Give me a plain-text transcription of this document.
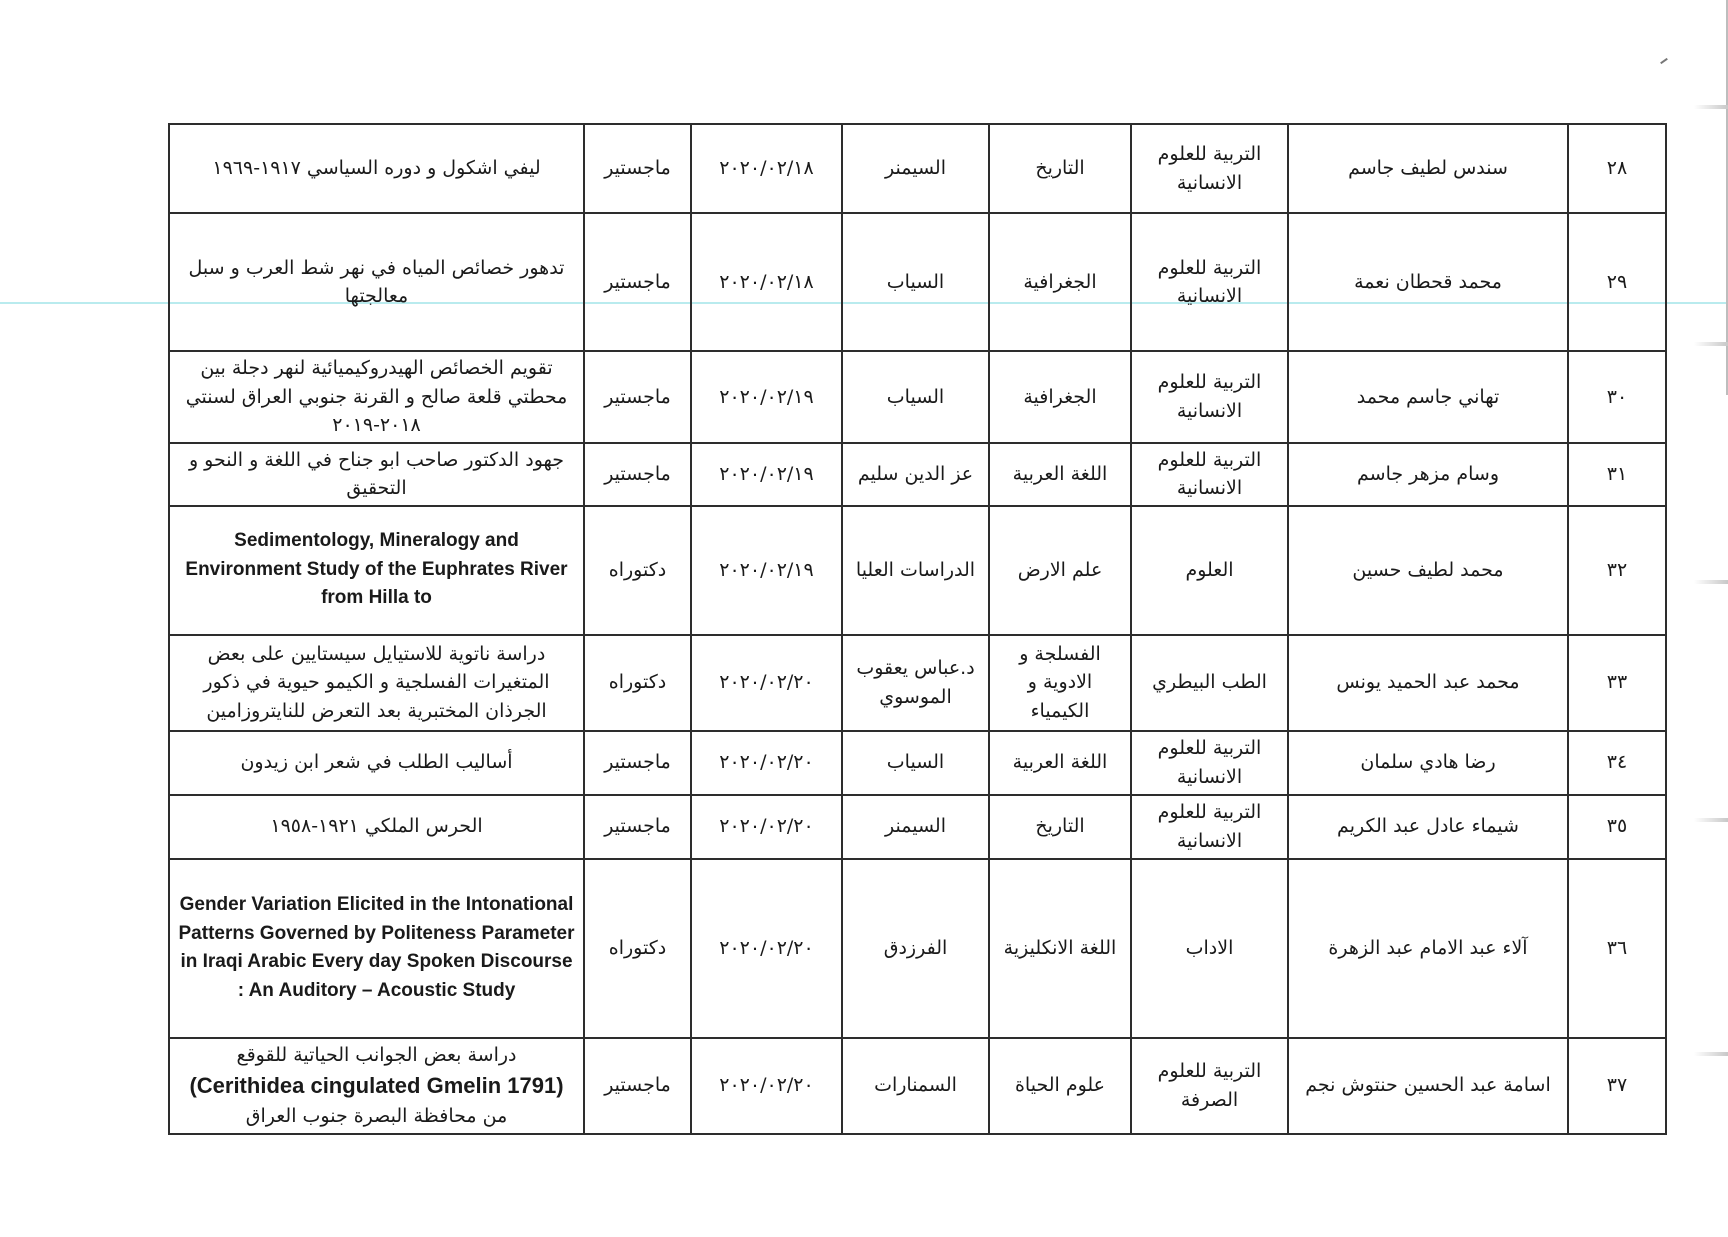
٢٨	سندس لطيف جاسم	التربية للعلوم الانسانية	التاريخ	السيمنر	٢٠٢٠/٠٢/١٨	ماجستير	ليفي اشكول و دوره السياسي ١٩١٧-١٩٦٩
٢٩	محمد قحطان نعمة	التربية للعلوم الانسانية	الجغرافية	السياب	٢٠٢٠/٠٢/١٨	ماجستير	تدهور خصائص المياه في نهر شط العرب و سبل معالجتها
٣٠	تهاني جاسم محمد	التربية للعلوم الانسانية	الجغرافية	السياب	٢٠٢٠/٠٢/١٩	ماجستير	تقويم الخصائص الهيدروكيميائية لنهر دجلة بين محطتي قلعة صالح و القرنة جنوبي العراق لسنتي ٢٠١٨-٢٠١٩
٣١	وسام مزهر جاسم	التربية للعلوم الانسانية	اللغة العربية	عز الدين سليم	٢٠٢٠/٠٢/١٩	ماجستير	جهود الدكتور صاحب ابو جناح في اللغة و النحو و التحقيق
٣٢	محمد لطيف حسين	العلوم	علم الارض	الدراسات العليا	٢٠٢٠/٠٢/١٩	دكتوراه	Sedimentology, Mineralogy and Environment Study of the Euphrates River from Hilla to
٣٣	محمد عبد الحميد يونس	الطب البيطري	الفسلجة و الادوية و الكيمياء	د.عباس يعقوب الموسوي	٢٠٢٠/٠٢/٢٠	دكتوراه	دراسة ناتوية للاستيايل سيستايين على بعض المتغيرات الفسلجية و الكيمو حيوية في ذكور الجرذان المختبرية بعد التعرض للنايتروزامين
٣٤	رضا هادي سلمان	التربية للعلوم الانسانية	اللغة العربية	السياب	٢٠٢٠/٠٢/٢٠	ماجستير	أساليب الطلب في شعر ابن زيدون
٣٥	شيماء عادل عبد الكريم	التربية للعلوم الانسانية	التاريخ	السيمنر	٢٠٢٠/٠٢/٢٠	ماجستير	الحرس الملكي ١٩٢١-١٩٥٨
٣٦	آلاء عبد الامام عبد الزهرة	الاداب	اللغة الانكليزية	الفرزدق	٢٠٢٠/٠٢/٢٠	دكتوراه	Gender Variation Elicited in the Intonational Patterns Governed by Politeness Parameter in Iraqi Arabic Every day Spoken Discourse : An Auditory – Acoustic Study
٣٧	اسامة عبد الحسين حنتوش نجم	التربية للعلوم الصرفة	علوم الحياة	السمنارات	٢٠٢٠/٠٢/٢٠	ماجستير	دراسة بعض الجوانب الحياتية للقوقع
(Cerithidea cingulated Gmelin 1791)
من محافظة البصرة جنوب العراق
